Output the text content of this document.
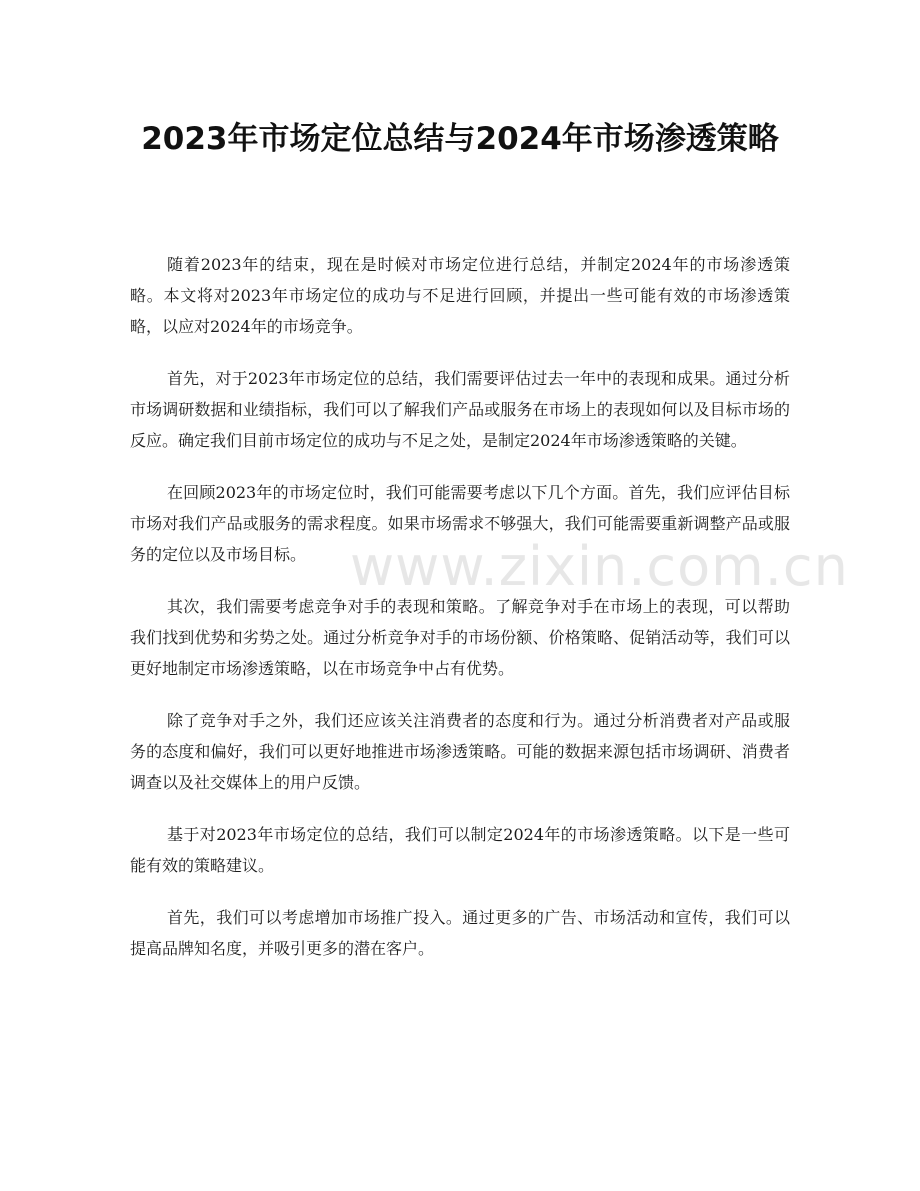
www.zixin.com.cn
2023年市场定位总结与2024年市场渗透策略

随着2023年的结束，现在是时候对市场定位进行总结，并制定2024年的市场渗透策略。本文将对2023年市场定位的成功与不足进行回顾，并提出一些可能有效的市场渗透策略，以应对2024年的市场竞争。

首先，对于2023年市场定位的总结，我们需要评估过去一年中的表现和成果。通过分析市场调研数据和业绩指标，我们可以了解我们产品或服务在市场上的表现如何以及目标市场的反应。确定我们目前市场定位的成功与不足之处，是制定2024年市场渗透策略的关键。

在回顾2023年的市场定位时，我们可能需要考虑以下几个方面。首先，我们应评估目标市场对我们产品或服务的需求程度。如果市场需求不够强大，我们可能需要重新调整产品或服务的定位以及市场目标。

其次，我们需要考虑竞争对手的表现和策略。了解竞争对手在市场上的表现，可以帮助我们找到优势和劣势之处。通过分析竞争对手的市场份额、价格策略、促销活动等，我们可以更好地制定市场渗透策略，以在市场竞争中占有优势。

除了竞争对手之外，我们还应该关注消费者的态度和行为。通过分析消费者对产品或服务的态度和偏好，我们可以更好地推进市场渗透策略。可能的数据来源包括市场调研、消费者调查以及社交媒体上的用户反馈。

基于对2023年市场定位的总结，我们可以制定2024年的市场渗透策略。以下是一些可能有效的策略建议。

首先，我们可以考虑增加市场推广投入。通过更多的广告、市场活动和宣传，我们可以提高品牌知名度，并吸引更多的潜在客户。
